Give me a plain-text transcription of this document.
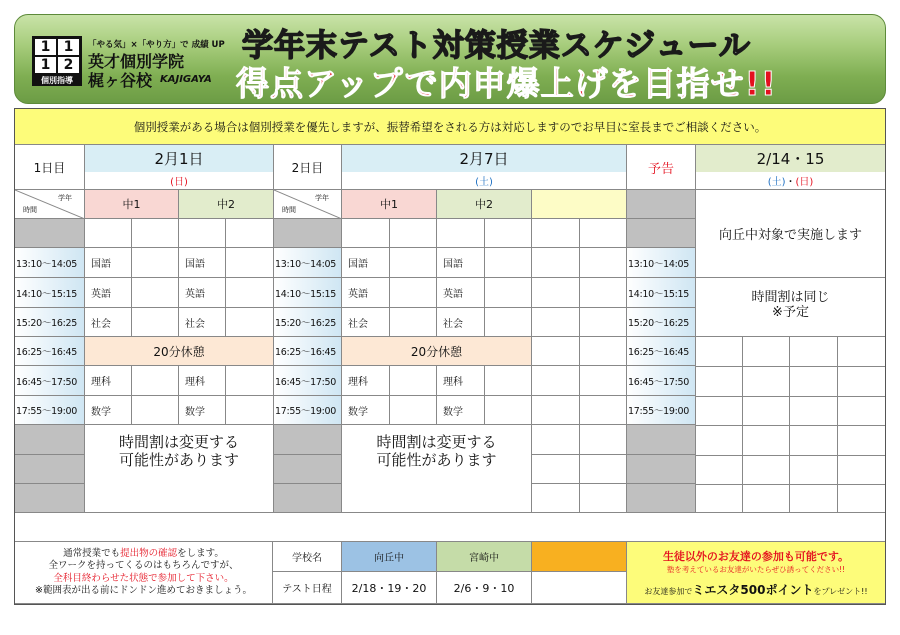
1 1
1 2
個別指導
「やる気」×「やり方」で 成績 UP
英才個別学院
梶ヶ谷校 KAJIGAYA
学年末テスト対策授業スケジュール
得点アップで内申爆上げを目指せ!!
個別授業がある場合は個別授業を優先しますが、振替希望をされる方は対応しますのでお早目に室長までご相談ください。
1日目	2月1日
(日)
学年
時間	中1	中2
13:10～14:05	国語	国語
14:10～15:15	英語	英語
15:20～16:25	社会	社会
16:25～16:45	20分休憩
16:45～17:50	理科	理科
17:55～19:00	数学	数学
時間割は変更する
可能性があります
2日目	2月7日
(土)
学年
時間	中1	中2
13:10～14:05	国語	国語
14:10～15:15	英語	英語
15:20～16:25	社会	社会
16:25～16:45	20分休憩
16:45～17:50	理科	理科
17:55～19:00	数学	数学
時間割は変更する
可能性があります
予告
2/14・15
(土) ・ (日)
13:10～14:05
14:10～15:15
15:20～16:25
16:25～16:45
16:45～17:50
17:55～19:00
向丘中対象で実施します
時間割は同じ
※予定
通常授業でも提出物の確認をします。
全ワークを持ってくるのはもちろんですが、
全科目終わらせた状態で参加して下さい。
※範囲表が出る前にドンドン進めておきましょう。
学校名	向丘中	宮崎中
テスト日程	2/18・19・20	2/6・9・10
生徒以外のお友達の参加も可能です。
塾を考えているお友達がいたらぜひ誘ってください!!
お友達参加でミエスタ500ポイントをプレゼント!!
